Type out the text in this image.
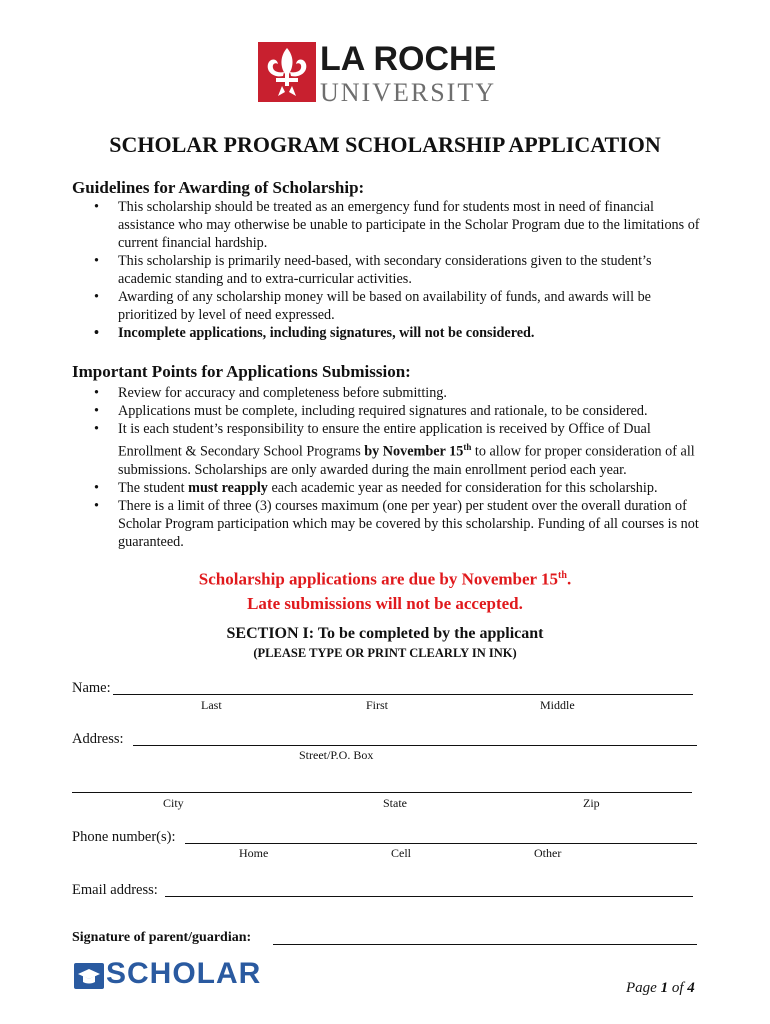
LA ROCHE
UNIVERSITY
SCHOLAR PROGRAM SCHOLARSHIP APPLICATION
Guidelines for Awarding of Scholarship:
• This scholarship should be treated as an emergency fund for students most in need of financial assistance who may otherwise be unable to participate in the Scholar Program due to the limitations of current financial hardship.
• This scholarship is primarily need-based, with secondary considerations given to the student’s academic standing and to extra-curricular activities.
• Awarding of any scholarship money will be based on availability of funds, and awards will be prioritized by level of need expressed.
• Incomplete applications, including signatures, will not be considered.
Important Points for Applications Submission:
• Review for accuracy and completeness before submitting.
• Applications must be complete, including required signatures and rationale, to be considered.
• It is each student’s responsibility to ensure the entire application is received by Office of Dual Enrollment & Secondary School Programs by November 15th to allow for proper consideration of all submissions. Scholarships are only awarded during the main enrollment period each year.
• The student must reapply each academic year as needed for consideration for this scholarship.
• There is a limit of three (3) courses maximum (one per year) per student over the overall duration of Scholar Program participation which may be covered by this scholarship. Funding of all courses is not guaranteed.
Scholarship applications are due by November 15th.
Late submissions will not be accepted.
SECTION I: To be completed by the applicant
(PLEASE TYPE OR PRINT CLEARLY IN INK)
Name:
Last	First	Middle
Address:
Street/P.O. Box
City	State	Zip
Phone number(s):
Home	Cell	Other
Email address:
Signature of parent/guardian:
SCHOLAR	Page 1 of 4
